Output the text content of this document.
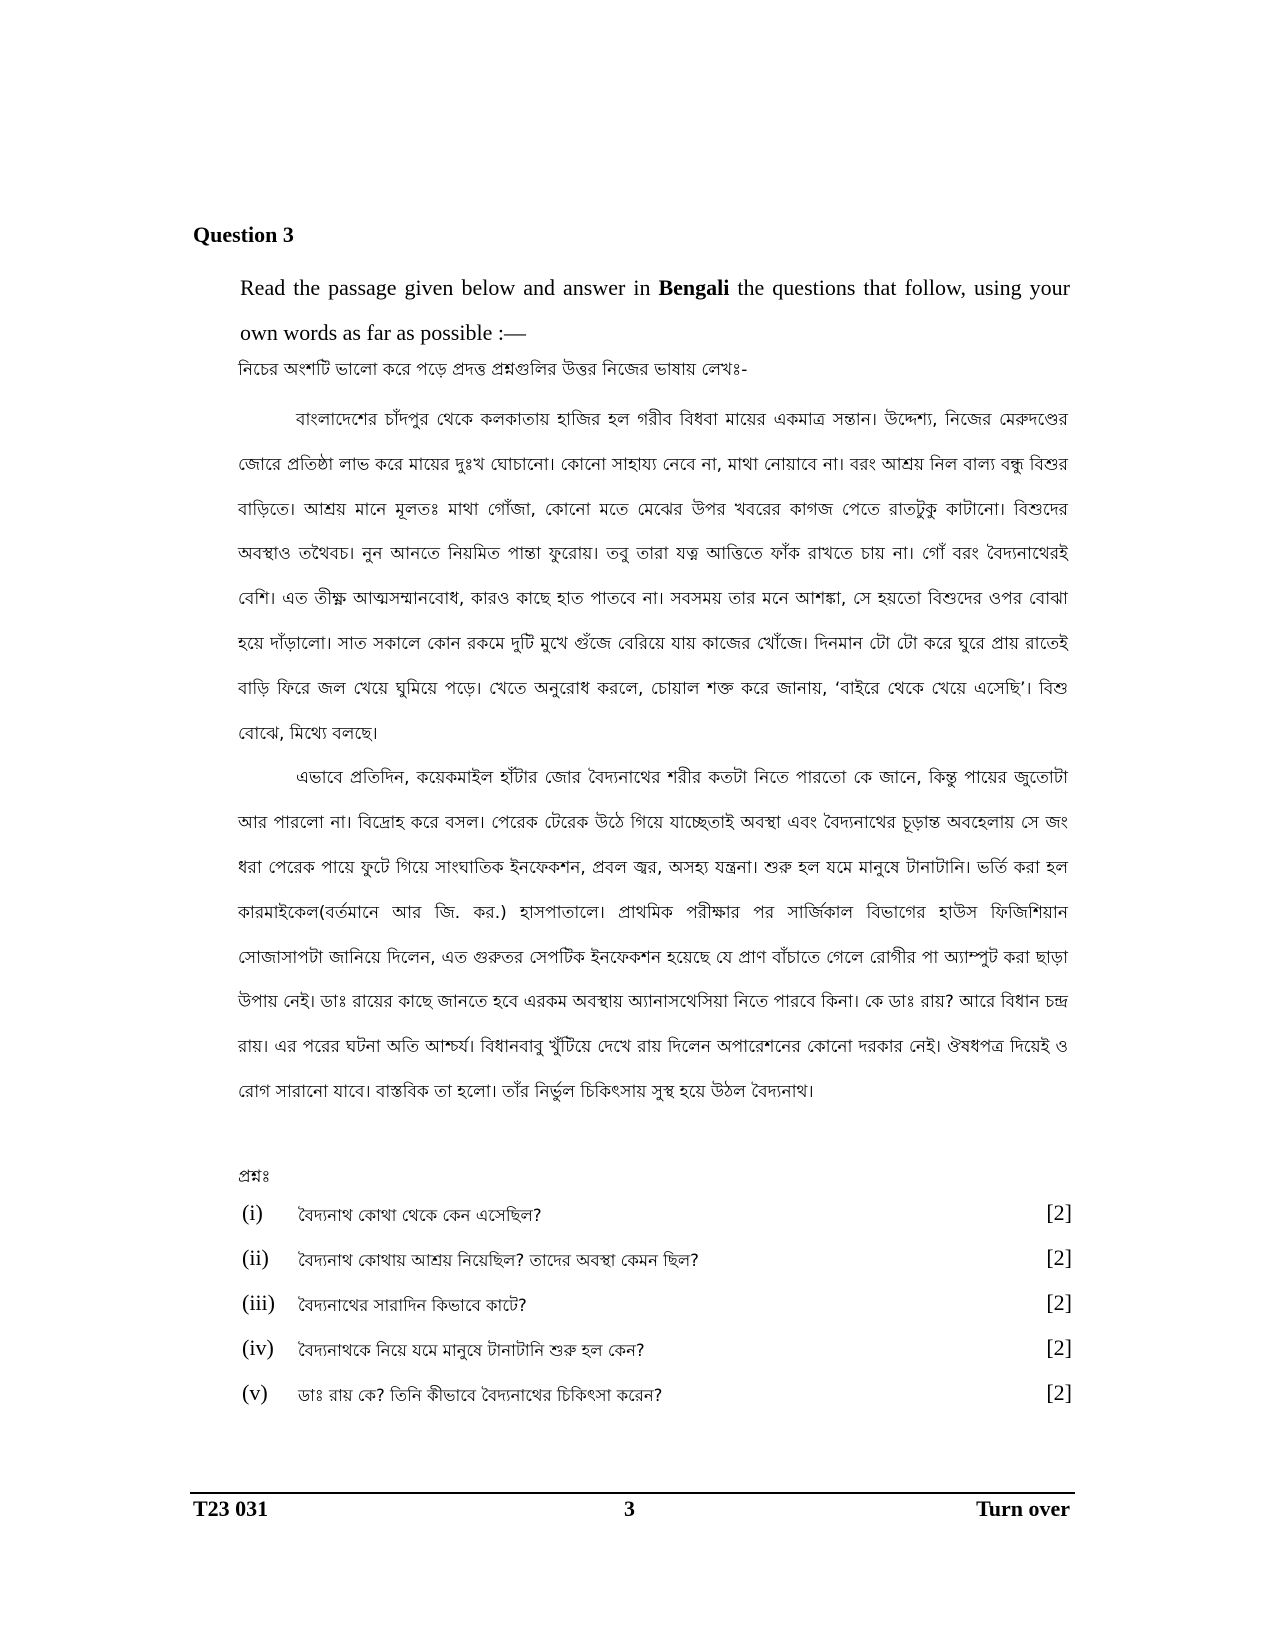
Question 3
Read the passage given below and answer in Bengali the questions that follow, using your own words as far as possible :—
নিচের অংশটি ভালো করে পড়ে প্রদত্ত প্রশ্নগুলির উত্তর নিজের ভাষায় লেখঃ-

বাংলাদেশের চাঁদপুর থেকে কলকাতায় হাজির হল গরীব বিধবা মায়ের একমাত্র সন্তান। উদ্দেশ্য, নিজের মেরুদণ্ডের জোরে প্রতিষ্ঠা লাভ করে মায়ের দুঃখ ঘোচানো। কোনো সাহায্য নেবে না, মাথা নোয়াবে না। বরং আশ্রয় নিল বাল্য বন্ধু বিশুর বাড়িতে। আশ্রয় মানে মূলতঃ মাথা গোঁজা, কোনো মতে মেঝের উপর খবরের কাগজ পেতে রাতটুকু কাটানো। বিশুদের অবস্থাও তথৈবচ। নুন আনতে নিয়মিত পান্তা ফুরোয়। তবু তারা যত্ন আত্তিতে ফাঁক রাখতে চায় না। গোঁ বরং বৈদ্যনাথেরই বেশি। এত তীক্ষ্ণ আত্মসম্মানবোধ, কারও কাছে হাত পাতবে না। সবসময় তার মনে আশঙ্কা, সে হয়তো বিশুদের ওপর বোঝা হয়ে দাঁড়ালো। সাত সকালে কোন রকমে দুটি মুখে গুঁজে বেরিয়ে যায় কাজের খোঁজে। দিনমান টো টো করে ঘুরে প্রায় রাতেই বাড়ি ফিরে জল খেয়ে ঘুমিয়ে পড়ে। খেতে অনুরোধ করলে, চোয়াল শক্ত করে জানায়, ‘বাইরে থেকে খেয়ে এসেছি’। বিশু বোঝে, মিথ্যে বলছে।

এভাবে প্রতিদিন, কয়েকমাইল হাঁটার জোর বৈদ্যনাথের শরীর কতটা নিতে পারতো কে জানে, কিন্তু পায়ের জুতোটা আর পারলো না। বিদ্রোহ করে বসল। পেরেক টেরেক উঠে গিয়ে যাচ্ছেতাই অবস্থা এবং বৈদ্যনাথের চূড়ান্ত অবহেলায় সে জং ধরা পেরেক পায়ে ফুটে গিয়ে সাংঘাতিক ইনফেকশন, প্রবল জ্বর, অসহ্য যন্ত্রনা। শুরু হল যমে মানুষে টানাটানি। ভর্তি করা হল কারমাইকেল(বর্তমানে আর জি. কর.) হাসপাতালে। প্রাথমিক পরীক্ষার পর সার্জিকাল বিভাগের হাউস ফিজিশিয়ান সোজাসাপটা জানিয়ে দিলেন, এত গুরুতর সেপটিক ইনফেকশন হয়েছে যে প্রাণ বাঁচাতে গেলে রোগীর পা অ্যাম্পুট করা ছাড়া উপায় নেই। ডাঃ রায়ের কাছে জানতে হবে এরকম অবস্থায় অ্যানাসথেসিয়া নিতে পারবে কিনা। কে ডাঃ রায়? আরে বিধান চন্দ্র রায়। এর পরের ঘটনা অতি আশ্চর্য। বিধানবাবু খুঁটিয়ে দেখে রায় দিলেন অপারেশনের কোনো দরকার নেই। ঔষধপত্র দিয়েই ও রোগ সারানো যাবে। বাস্তবিক তা হলো। তাঁর নির্ভুল চিকিৎসায় সুস্থ হয়ে উঠল বৈদ্যনাথ।

প্রশ্নঃ
(i) বৈদ্যনাথ কোথা থেকে কেন এসেছিল?	[2]
(ii) বৈদ্যনাথ কোথায় আশ্রয় নিয়েছিল? তাদের অবস্থা কেমন ছিল?	[2]
(iii) বৈদ্যনাথের সারাদিন কিভাবে কাটে?	[2]
(iv) বৈদ্যনাথকে নিয়ে যমে মানুষে টানাটানি শুরু হল কেন?	[2]
(v) ডাঃ রায় কে? তিনি কীভাবে বৈদ্যনাথের চিকিৎসা করেন?	[2]
T23 031	3	Turn over
